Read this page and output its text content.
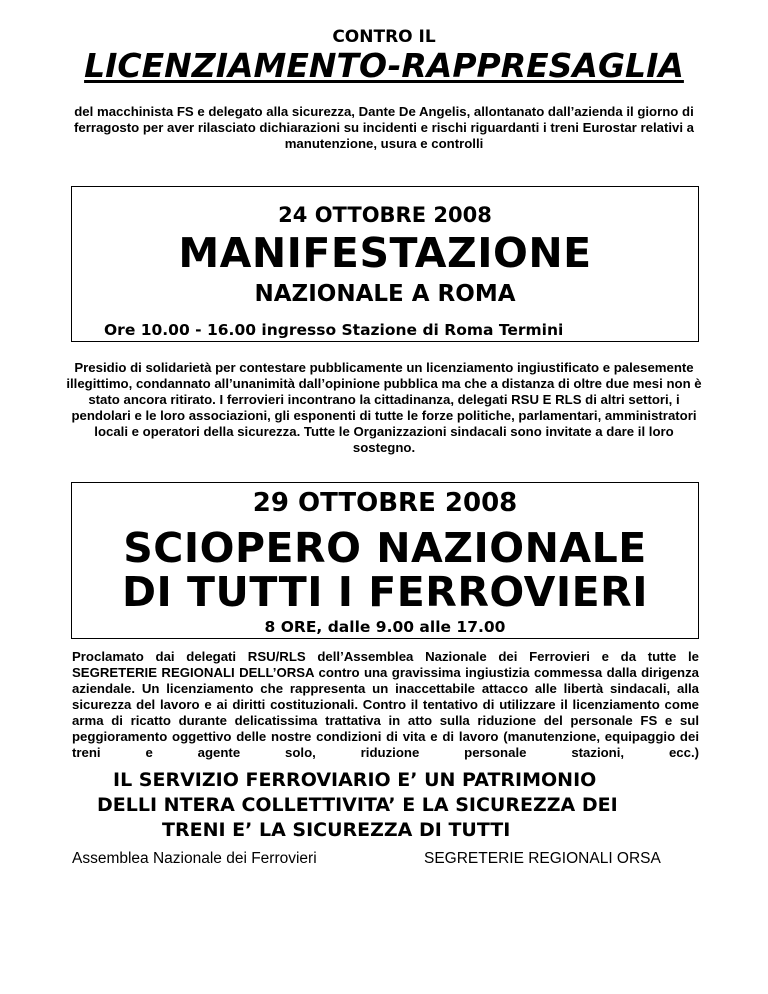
CONTRO IL
LICENZIAMENTO-RAPPRESAGLIA
del macchinista FS e delegato alla sicurezza, Dante De Angelis, allontanato dall’azienda il giorno di ferragosto per aver rilasciato dichiarazioni su incidenti e rischi riguardanti i treni Eurostar relativi a manutenzione, usura e controlli
24 OTTOBRE 2008
MANIFESTAZIONE
NAZIONALE A ROMA
Ore 10.00 - 16.00 ingresso Stazione di Roma Termini
Presidio di solidarietà per contestare pubblicamente un licenziamento ingiustificato e palesemente illegittimo, condannato all’unanimità dall’opinione pubblica ma che a distanza di oltre due mesi non è stato ancora ritirato. I ferrovieri incontrano la cittadinanza, delegati RSU E RLS di altri settori, i pendolari e le loro associazioni, gli esponenti di tutte le forze politiche, parlamentari, amministratori locali e operatori della sicurezza. Tutte le Organizzazioni sindacali sono invitate a dare il loro sostegno.
29 OTTOBRE 2008
SCIOPERO NAZIONALE
DI TUTTI I FERROVIERI
8 ORE, dalle 9.00 alle 17.00
Proclamato dai delegati RSU/RLS dell’Assemblea Nazionale dei Ferrovieri e da tutte le SEGRETERIE REGIONALI DELL’ORSA contro una gravissima ingiustizia commessa dalla dirigenza aziendale. Un licenziamento che rappresenta un inaccettabile attacco alle libertà sindacali, alla sicurezza del lavoro e ai diritti costituzionali. Contro il tentativo di utilizzare il licenziamento come arma di ricatto durante delicatissima trattativa in atto sulla riduzione del personale FS e sul peggioramento oggettivo delle nostre condizioni di vita e di lavoro (manutenzione, equipaggio dei treni e agente solo, riduzione personale stazioni, ecc.)
IL SERVIZIO FERROVIARIO E’ UN PATRIMONIO
DELLI NTERA COLLETTIVITA’ E LA SICUREZZA DEI
TRENI E’ LA SICUREZZA DI TUTTI
Assemblea Nazionale dei Ferrovieri	SEGRETERIE REGIONALI ORSA
